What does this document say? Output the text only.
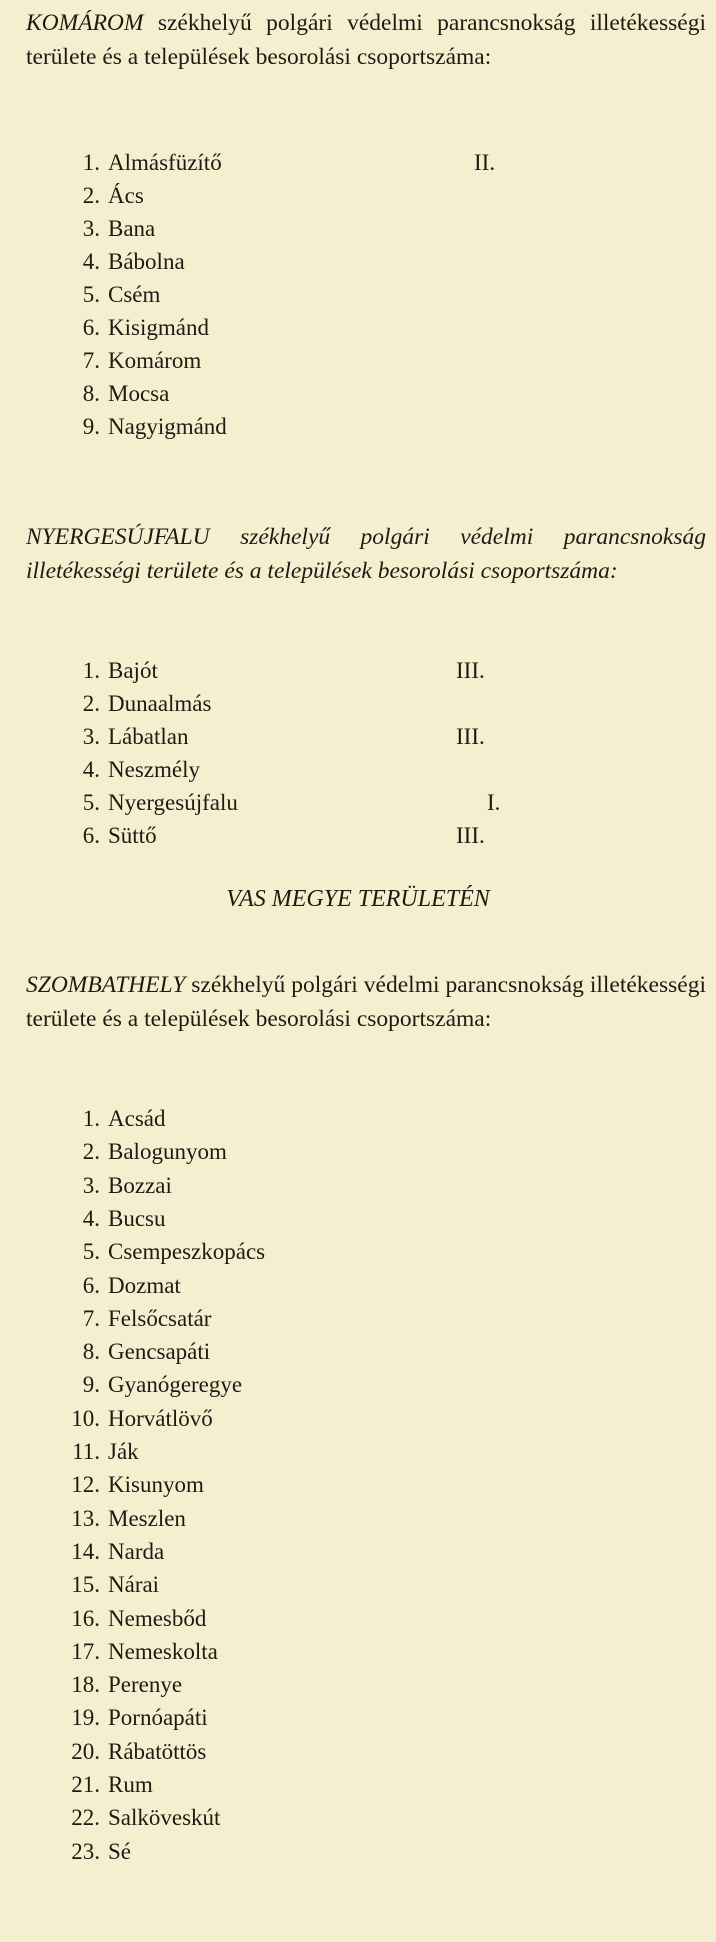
KOMÁROM székhelyű polgári védelmi parancsnokság illetékességi területe és a települések besorolási csoportszáma:

1. Almásfüzítő	II.
2. Ács
3. Bana
4. Bábolna
5. Csém
6. Kisigmánd
7. Komárom
8. Mocsa
9. Nagyigmánd

NYERGESÚJFALU székhelyű polgári védelmi parancsnokság illetékességi területe és a települések besorolási csoportszáma:

1. Bajót	III.
2. Dunaalmás
3. Lábatlan	III.
4. Neszmély
5. Nyergesújfalu	I.
6. Süttő	III.
VAS MEGYE TERÜLETÉN

SZOMBATHELY székhelyű polgári védelmi parancsnokság illetékességi területe és a települések besorolási csoportszáma:

1. Acsád
2. Balogunyom
3. Bozzai
4. Bucsu
5. Csempeszkopács
6. Dozmat
7. Felsőcsatár
8. Gencsapáti
9. Gyanógeregye
10. Horvátlövő
11. Ják
12. Kisunyom
13. Meszlen
14. Narda
15. Nárai
16. Nemesbőd
17. Nemeskolta
18. Perenye
19. Pornóapáti
20. Rábatöttös
21. Rum
22. Salköveskút
23. Sé
